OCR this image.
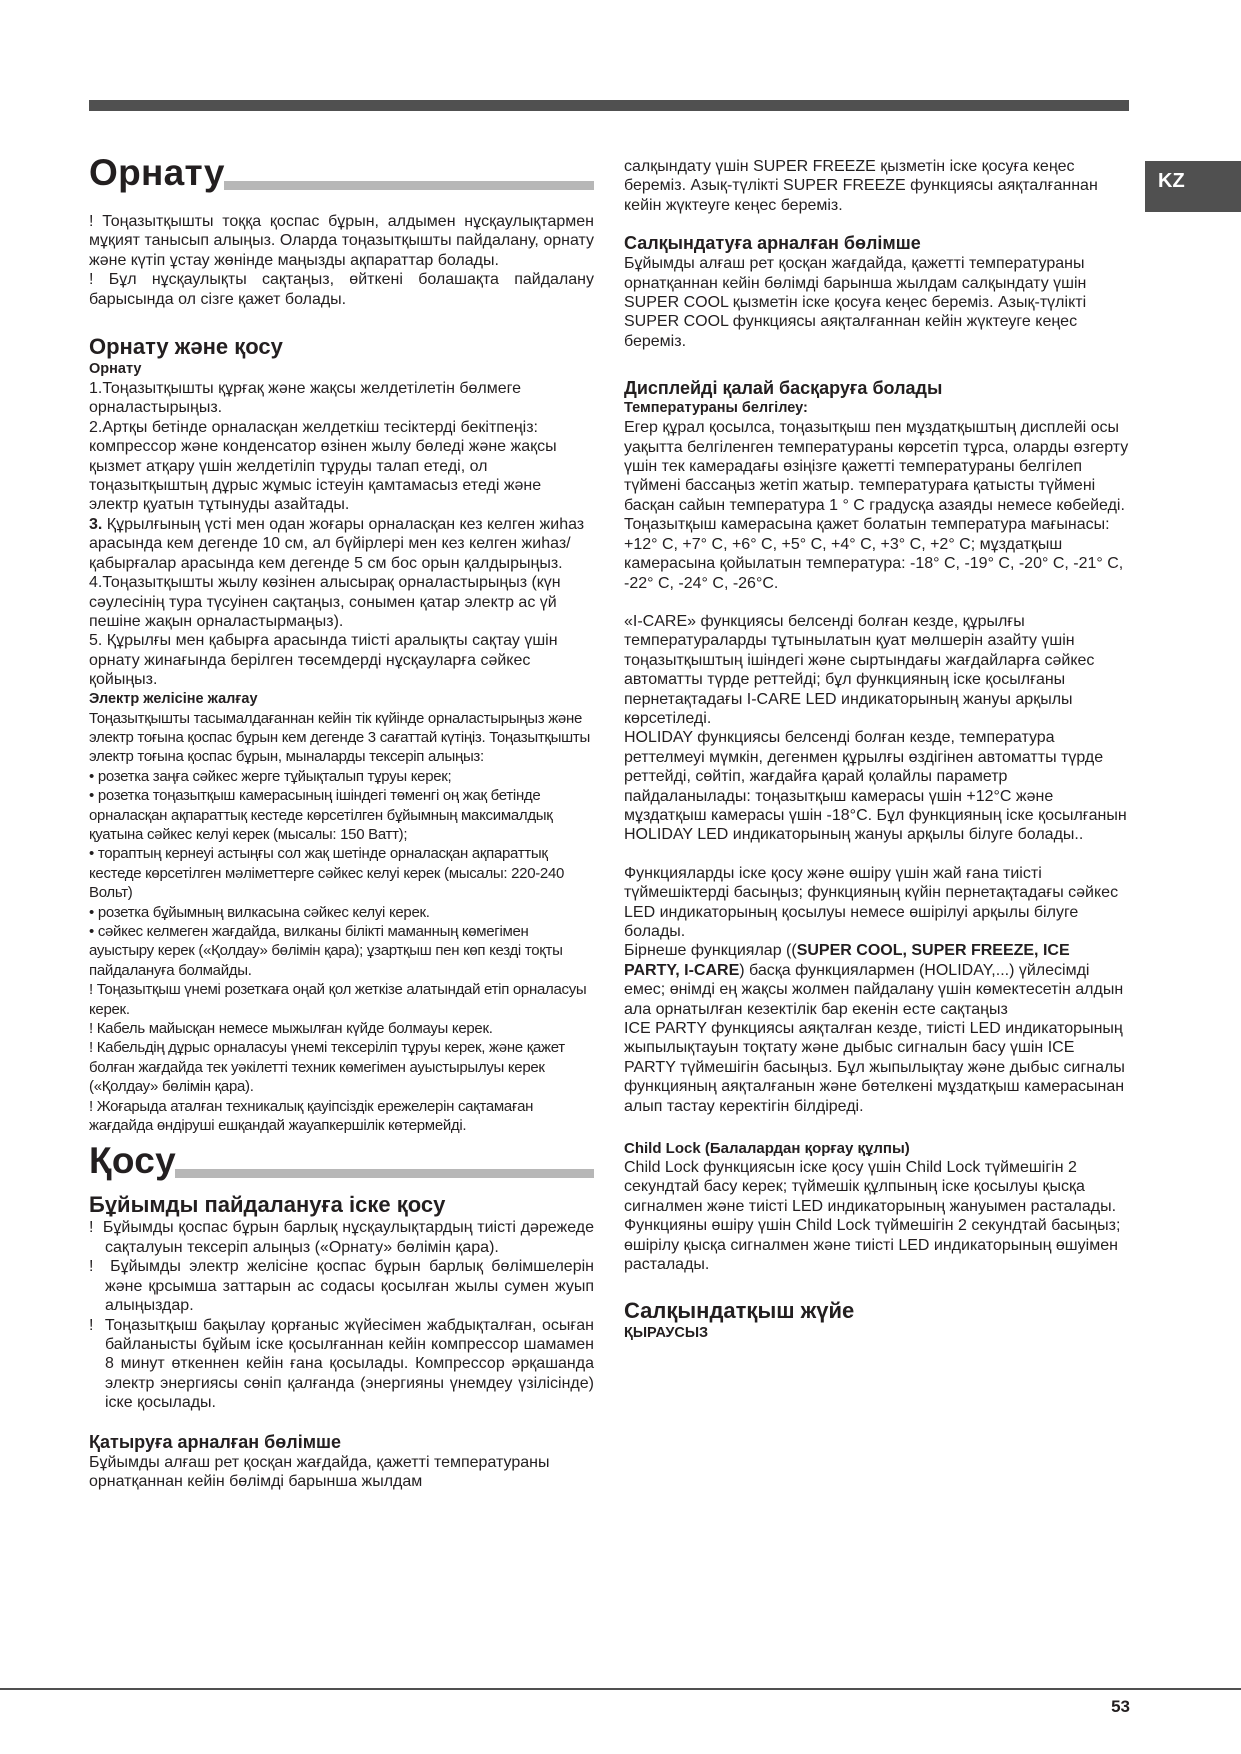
KZ
Орнату

! Тоңазытқышты тоққа қоспас бұрын, алдымен нұсқаулықтармен мұқият танысып алыңыз. Оларда тоңазытқышты пайдалану, орнату және күтіп ұстау жөнінде маңызды ақпараттар болады.

! Бұл нұсқаулықты сақтаңыз, өйткені болашақта пайдалану барысында ол сізге қажет болады.

Орнату және қосу
Орнату

1.Тоңазытқышты құрғақ және жақсы желдетілетін бөлмеге орналастырыңыз.

2.Артқы бетінде орналасқан желдеткіш тесіктерді бекітпеңіз: компрессор және конденсатор өзінен жылу бөледі және жақсы қызмет атқару үшін желдетіліп тұруды талап етеді, ол тоңазытқыштың дұрыс жұмыс істеуін қамтамасыз етеді және электр қуатын тұтынуды азайтады.

3. Құрылғының үсті мен одан жоғары орналасқан кез келген жиһаз арасында кем дегенде 10 см, ал бүйірлері мен кез келген жиһаз/қабырғалар арасында кем дегенде 5 см бос орын қалдырыңыз.

4.Тоңазытқышты жылу көзінен алысырақ орналастырыңыз (күн сәулесінің тура түсуінен сақтаңыз, сонымен қатар электр ас үй пешіне жақын орналастырмаңыз).

5. Құрылғы мен қабырға арасында тиісті аралықты сақтау үшін орнату жинағында берілген төсемдерді нұсқауларға сәйкес қойыңыз.

Электр желісіне жалғау

Тоңазытқышты тасымалдағаннан кейін тік күйінде орналастырыңыз және электр тоғына қоспас бұрын кем дегенде 3 сағаттай күтіңіз. Тоңазытқышты электр тоғына қоспас бұрын, мыналарды тексеріп алыңыз:

• розетка заңға сәйкес жерге тұйықталып тұруы керек;

• розетка тоңазытқыш камерасының ішіндегі төменгі оң жақ бетінде орналасқан ақпараттық кестеде көрсетілген бұйымның максималдық қуатына сәйкес келуі керек (мысалы: 150 Ватт);

• тораптың кернеуі астыңғы сол жақ шетінде орналасқан ақпараттық кестеде көрсетілген мәліметтерге сәйкес келуі керек (мысалы: 220-240 Вольт)

• розетка бұйымның вилкасына сәйкес келуі керек.

• сәйкес келмеген жағдайда, вилканы білікті маманның көмегімен ауыстыру керек («Қолдау» бөлімін қара); ұзартқыш пен көп кезді тоқты пайдалануға болмайды.

! Тоңазытқыш үнемі розеткаға оңай қол жеткізе алатындай етіп орналасуы керек.

! Кабель майысқан немесе мыжылған күйде болмауы керек.

! Кабельдің дұрыс орналасуы үнемі тексеріліп тұруы керек, және қажет болған жағдайда тек уәкілетті техник көмегімен ауыстырылуы керек («Қолдау» бөлімін қара).

! Жоғарыда аталған техникалық қауіпсіздік ережелерін сақтамаған жағдайда өндіруші ешқандай жауапкершілік көтермейді.

Қосу
Бұйымды пайдалануға іске қосу

!  Бұйымды қоспас бұрын барлық нұсқаулықтардың тиісті дәрежеде сақталуын тексеріп алыңыз («Орнату» бөлімін қара).

!  Бұйымды электр желісіне қоспас бұрын барлық бөлімшелерін және қрсымша заттарын ас содасы қосылған жылы сумен жуып алыңыздар.

!  Тоңазытқыш бақылау қорғаныс жүйесімен жабдықталған, осыған байланысты бұйым іске қосылғаннан кейін компрессор шамамен 8 минут өткеннен кейін ғана қосылады. Компрессор әрқашанда электр энергиясы сөніп қалғанда (энергияны үнемдеу үзілісінде) іске қосылады.

Қатыруға арналған бөлімше

Бұйымды алғаш рет қосқан жағдайда, қажетті температураны орнатқаннан кейін бөлімді барынша жылдам

салқындату үшін SUPER FREEZE қызметін іске қосуға кеңес береміз. Азық-түлікті SUPER FREEZE функциясы аяқталғаннан кейін жүктеуге кеңес береміз.

Салқындатуға арналған бөлімше

Бұйымды алғаш рет қосқан жағдайда, қажетті температураны орнатқаннан кейін бөлімді барынша жылдам салқындату үшін SUPER COOL қызметін іске қосуға кеңес береміз. Азық-түлікті SUPER COOL функциясы аяқталғаннан кейін жүктеуге кеңес береміз.

Дисплейді қалай басқаруға болады
Температураны белгілеу:

Егер құрал қосылса, тоңазытқыш пен мұздатқыштың дисплейі осы уақытта белгіленген температураны көрсетіп тұрса, оларды өзгерту үшін тек камерадағы өзіңізге қажетті температураны белгілеп түймені бассаңыз жетіп жатыр. температураға қатысты түймені басқан сайын температура 1 ° С градусқа азаяды немесе көбейеді. Тоңазытқыш камерасына қажет болатын температура мағынасы: +12° С, +7° С, +6° С, +5° С, +4° С, +3° С, +2° С; мұздатқыш камерасына қойылатын температура: -18° С, -19° С, -20° С, -21° С, -22° С, -24° С, -26°С.

«I-CARE» функциясы белсенді болған кезде, құрылғы температураларды тұтынылатын қуат мөлшерін азайту үшін тоңазытқыштың ішіндегі және сыртындағы жағдайларға сәйкес автоматты түрде реттейді; бұл функцияның іске қосылғаны пернетақтадағы I-CARE LED индикаторының жануы арқылы көрсетіледі.

HOLIDAY функциясы белсенді болған кезде, температура реттелмеуі мүмкін, дегенмен құрылғы өздігінен автоматты түрде реттейді, сөйтіп, жағдайға қарай қолайлы параметр пайдаланылады: тоңазытқыш камерасы үшін +12°С және мұздатқыш камерасы үшін -18°С. Бұл функцияның іске қосылғанын HOLIDAY LED индикаторының жануы арқылы білуге болады..

Функцияларды іске қосу және өшіру үшін жай ғана тиісті түймешіктерді басыңыз; функцияның күйін пернетақтадағы сәйкес LED индикаторының қосылуы немесе өшірілуі арқылы білуге болады.

Бірнеше функциялар ((SUPER COOL, SUPER FREEZE, ICE PARTY, I-CARE) басқа функциялармен (HOLIDAY,...) үйлесімді емес; өнімді ең жақсы жолмен пайдалану үшін көмектесетін алдын ала орнатылған кезектілік бар екенін есте сақтаңыз

ICE PARTY функциясы аяқталған кезде, тиісті LED индикаторының жыпылықтауын тоқтату және дыбыс сигналын басу үшін ICE PARTY түймешігін басыңыз. Бұл жыпылықтау және дыбыс сигналы функцияның аяқталғанын және бөтелкені мұздатқыш камерасынан алып тастау керектігін білдіреді.

Child Lock (Балалардан қорғау құлпы)

Child Lock функциясын іске қосу үшін Child Lock түймешігін 2 секундтай басу керек; түймешік құлпының іске қосылуы қысқа сигналмен және тиісті LED индикаторының жануымен расталады.

Функцияны өшіру үшін Child Lock түймешігін 2 секундтай басыңыз; өшірілу қысқа сигналмен және тиісті LED индикаторының өшуімен расталады.

Салқындатқыш жүйе
ҚЫРАУСЫЗ
53
